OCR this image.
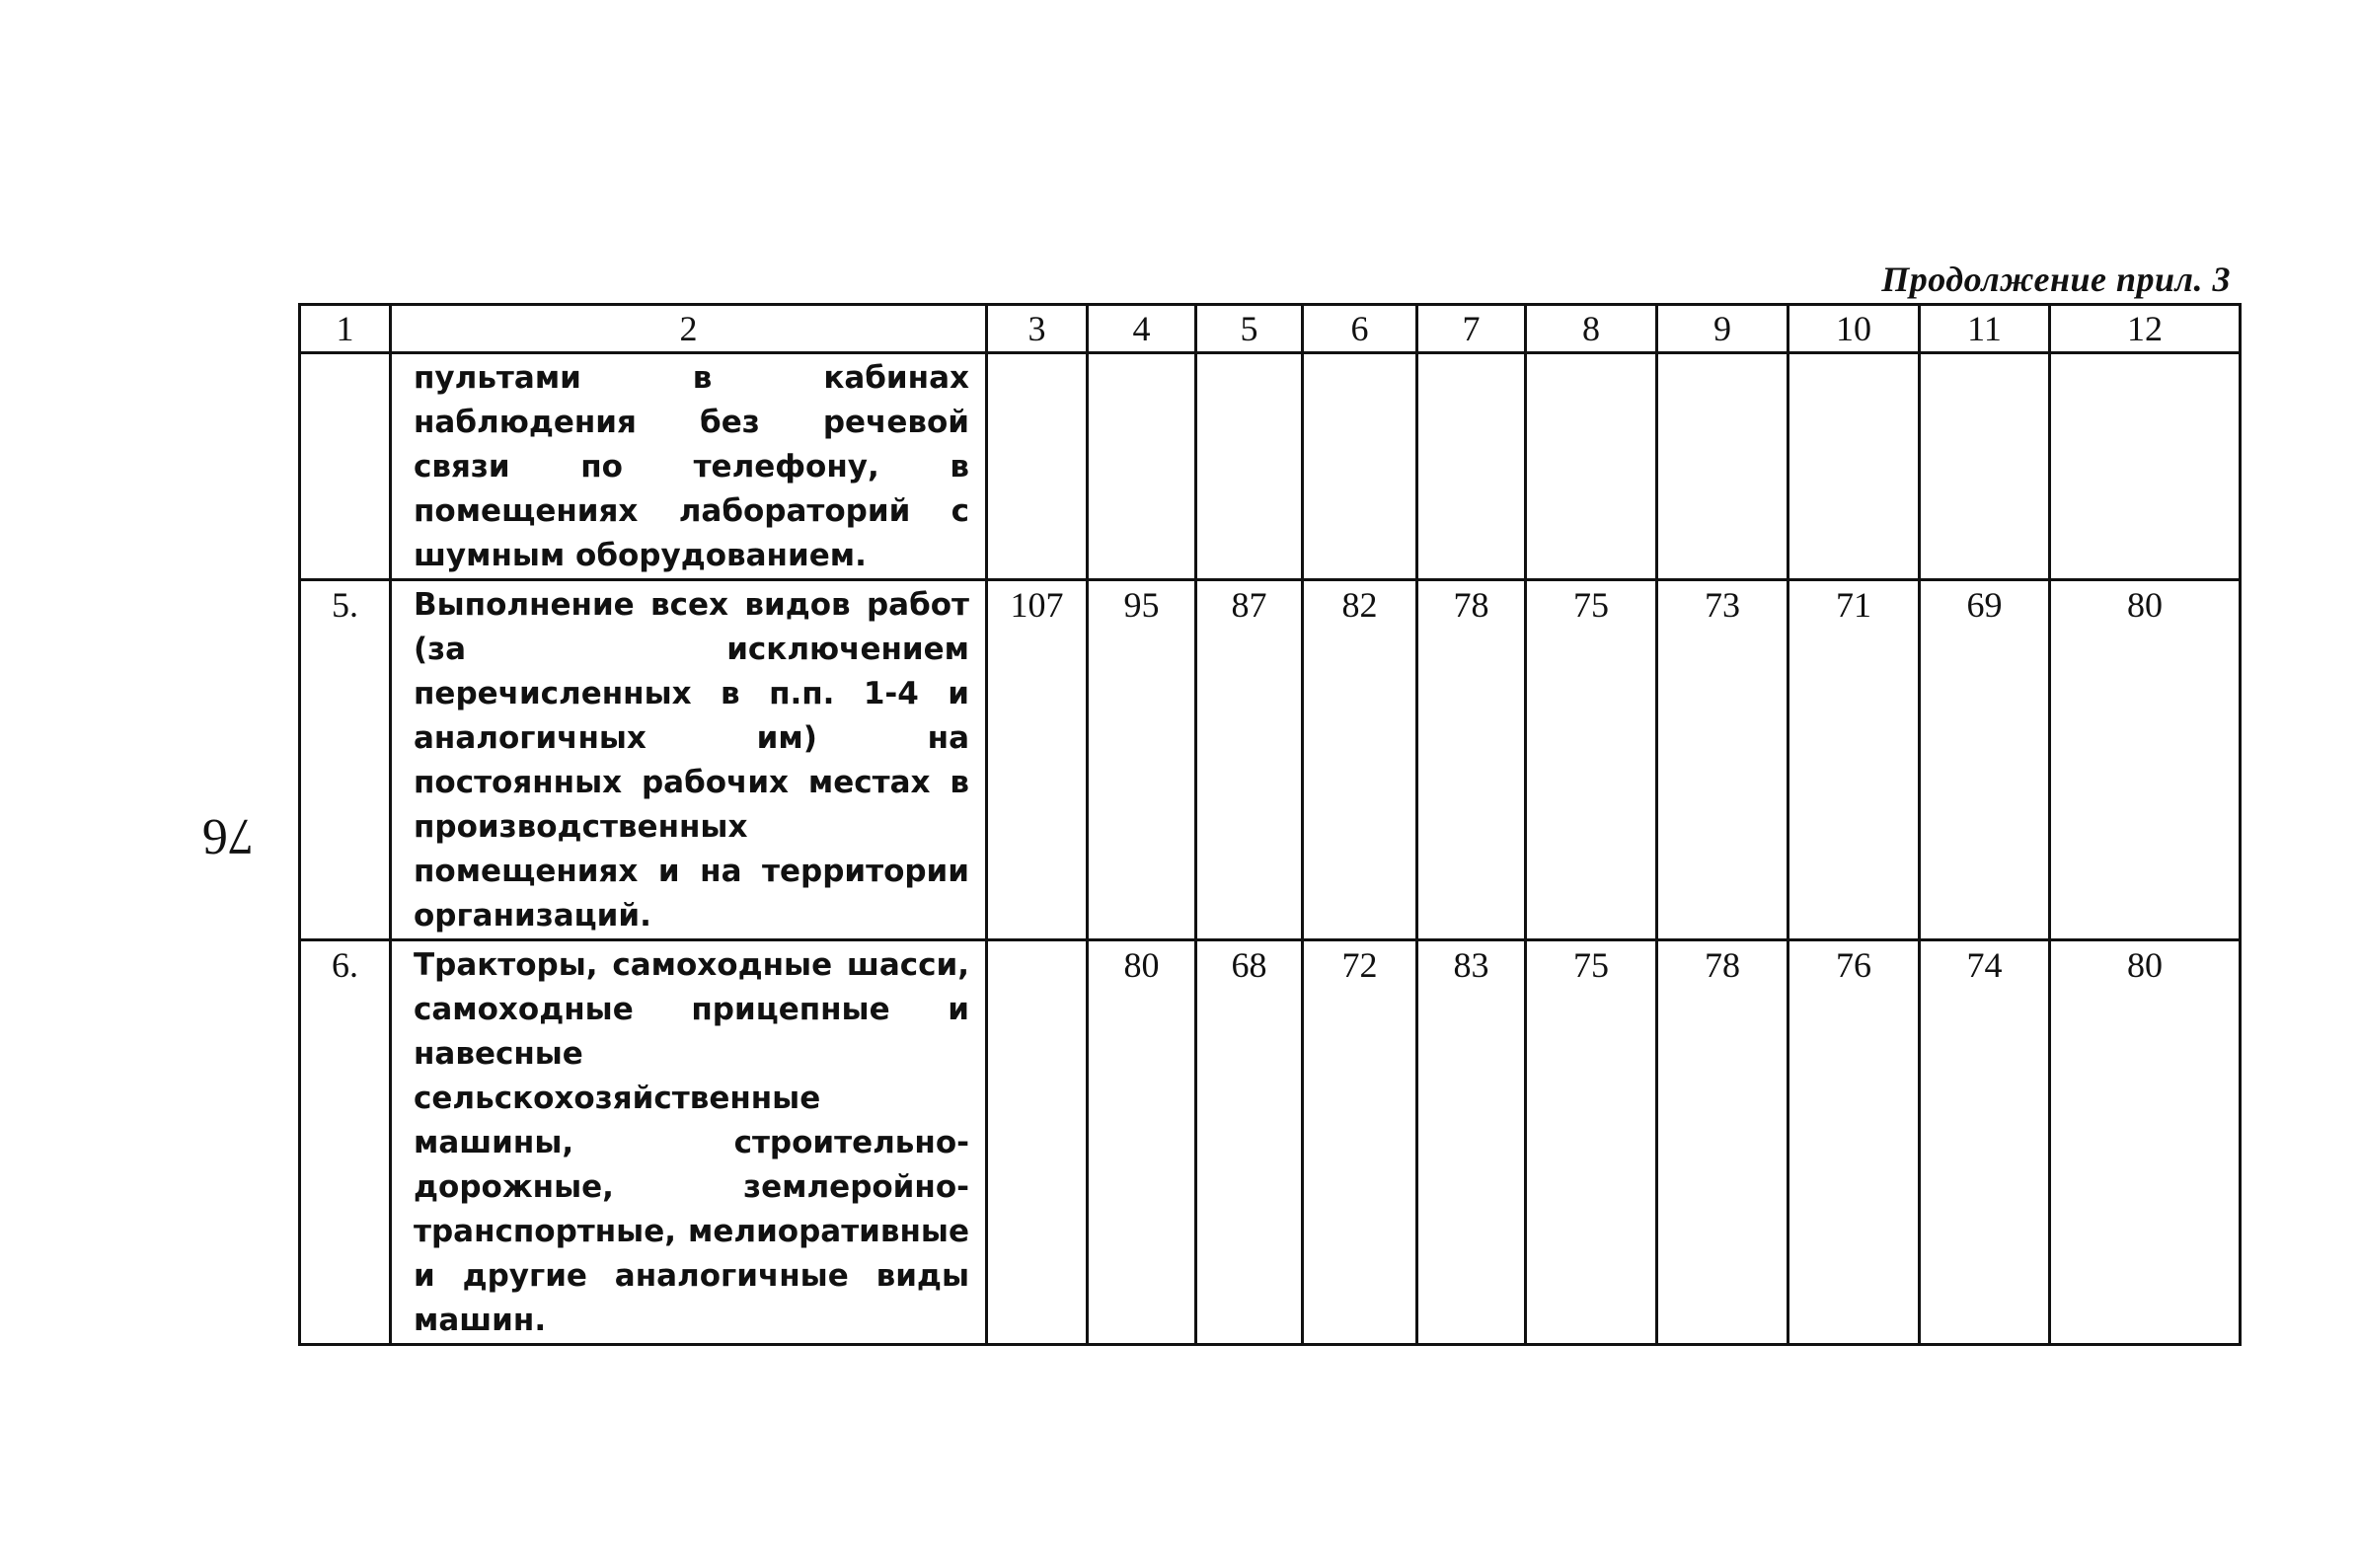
Продолжение прил. 3
76
1	2	3	4	5	6	7	8	9	10	11	12
	пультами в кабинах наблюдения без речевой связи по телефону, в помещениях лабораторий с шумным оборудованием.										
5.	Выполнение всех видов работ (за исключением перечисленных в п.п. 1-4 и аналогичных им) на постоянных рабочих местах в производственных помещениях и на территории организаций.	107	95	87	82	78	75	73	71	69	80
6.	Тракторы, самоходные шасси, самоходные прицепные и навесные сельскохозяйственные машины, строительно-дорожные, землеройно-транспортные, мелиоративные и другие аналогичные виды машин.		80	68	72	83	75	78	76	74	80
